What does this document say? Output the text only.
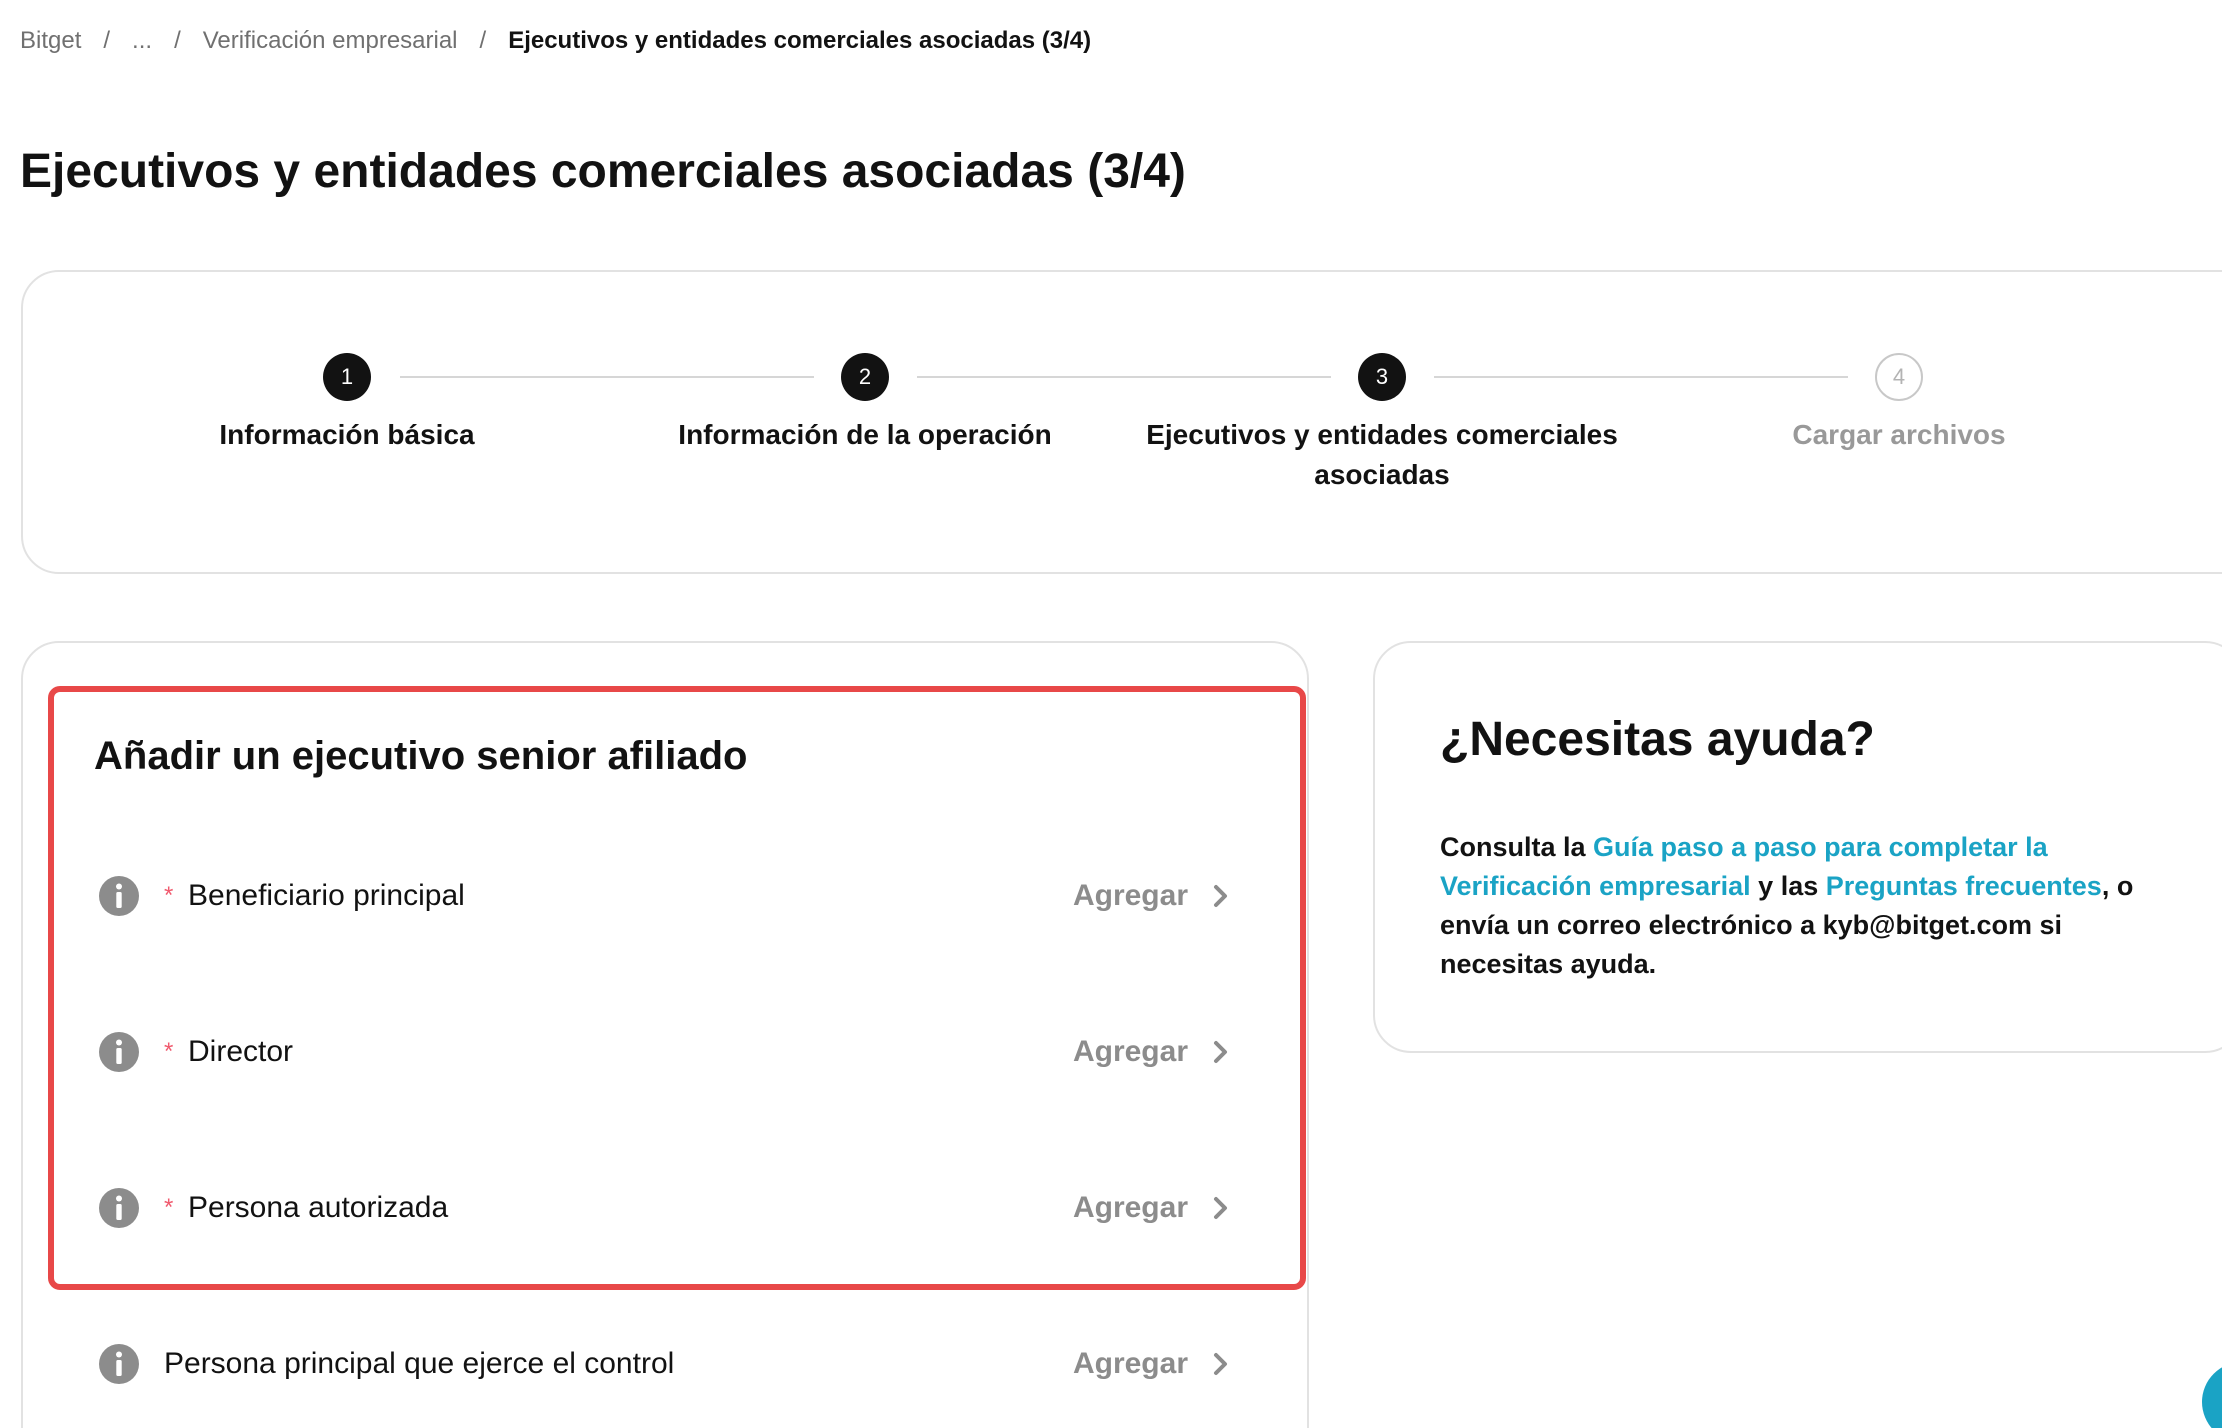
Bitget / ... / Verificación empresarial / Ejecutivos y entidades comerciales asociadas (3/4)
Ejecutivos y entidades comerciales asociadas (3/4)
1
Información básica
2
Información de la operación
3
Ejecutivos y entidades comerciales asociadas
4
Cargar archivos
Añadir un ejecutivo senior afiliado
* Beneficiario principal	Agregar
* Director	Agregar
* Persona autorizada	Agregar
Persona principal que ejerce el control	Agregar
¿Necesitas ayuda?

Consulta la Guía paso a paso para completar la Verificación empresarial y las Preguntas frecuentes, o envía un correo electrónico a kyb@bitget.com si necesitas ayuda.
